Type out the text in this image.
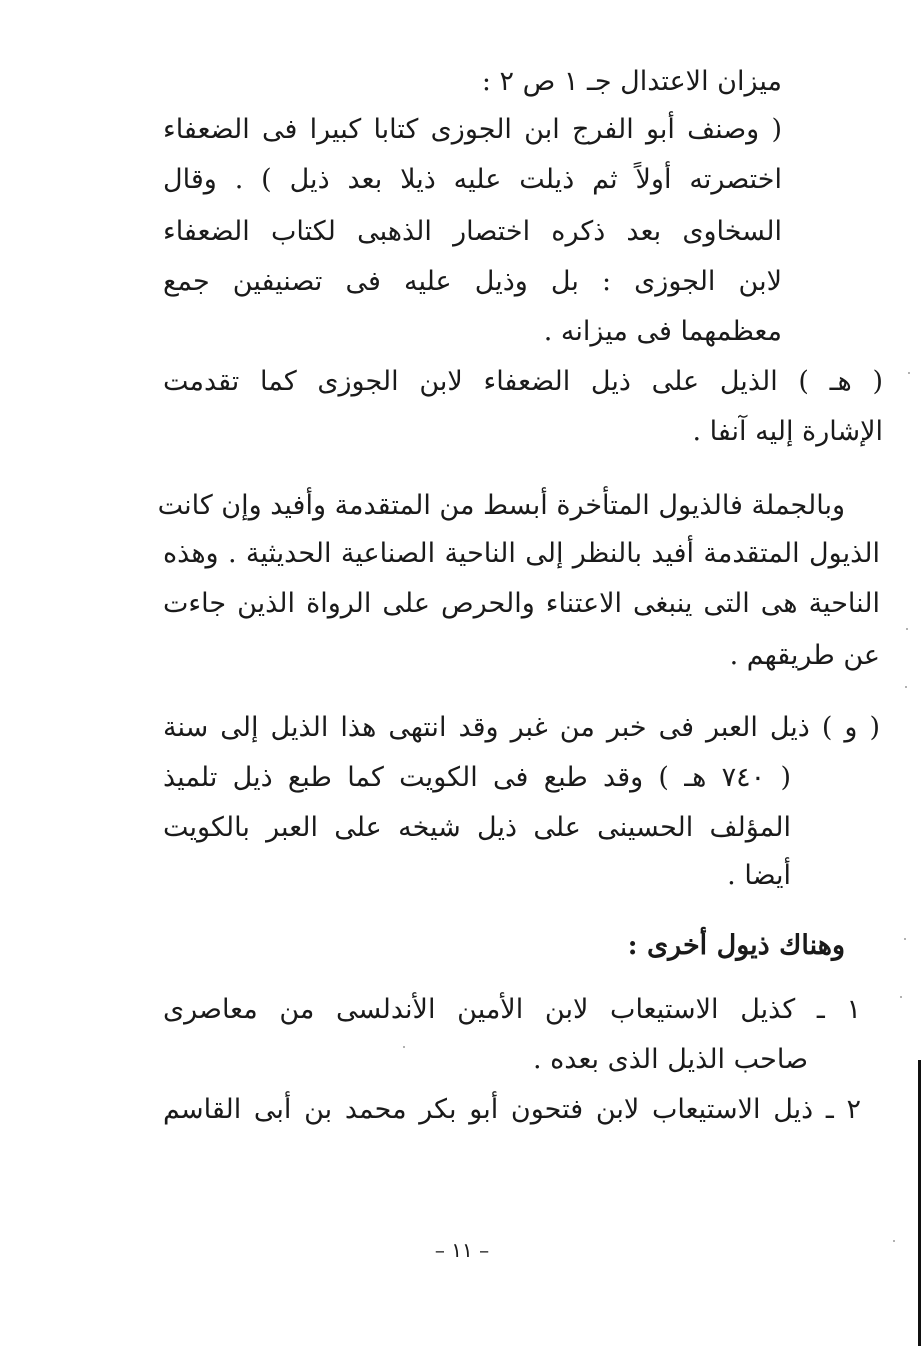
ميزان الاعتدال جـ ١ ص ٢ :
( وصنف أبو الفرج ابن الجوزى كتابا كبيرا فى الضعفاء
اختصرته أولاً ثم ذيلت عليه ذيلا بعد ذيل ) . وقال
السخاوى بعد ذكره اختصار الذهبى لكتاب الضعفاء
لابن الجوزى : بل وذيل عليه فى تصنيفين جمع
معظمهما فى ميزانه .
( هـ ) الذيل على ذيل الضعفاء لابن الجوزى كما تقدمت
الإشارة إليه آنفا .
وبالجملة فالذيول المتأخرة أبسط من المتقدمة وأفيد وإن كانت
الذيول المتقدمة أفيد بالنظر إلى الناحية الصناعية الحديثية . وهذه
الناحية هى التى ينبغى الاعتناء والحرص على الرواة الذين جاءت
عن طريقهم .
( و ) ذيل العبر فى خبر من غبر وقد انتهى هذا الذيل إلى سنة
( ٧٤٠ هـ ) وقد طبع فى الكويت كما طبع ذيل تلميذ
المؤلف الحسينى على ذيل شيخه على العبر بالكويت
أيضا .
وهناك ذيول أخرى :
١ ـ كذيل الاستيعاب لابن الأمين الأندلسى من معاصرى
صاحب الذيل الذى بعده .
٢ ـ ذيل الاستيعاب لابن فتحون أبو بكر محمد بن أبى القاسم
– ١١ –
